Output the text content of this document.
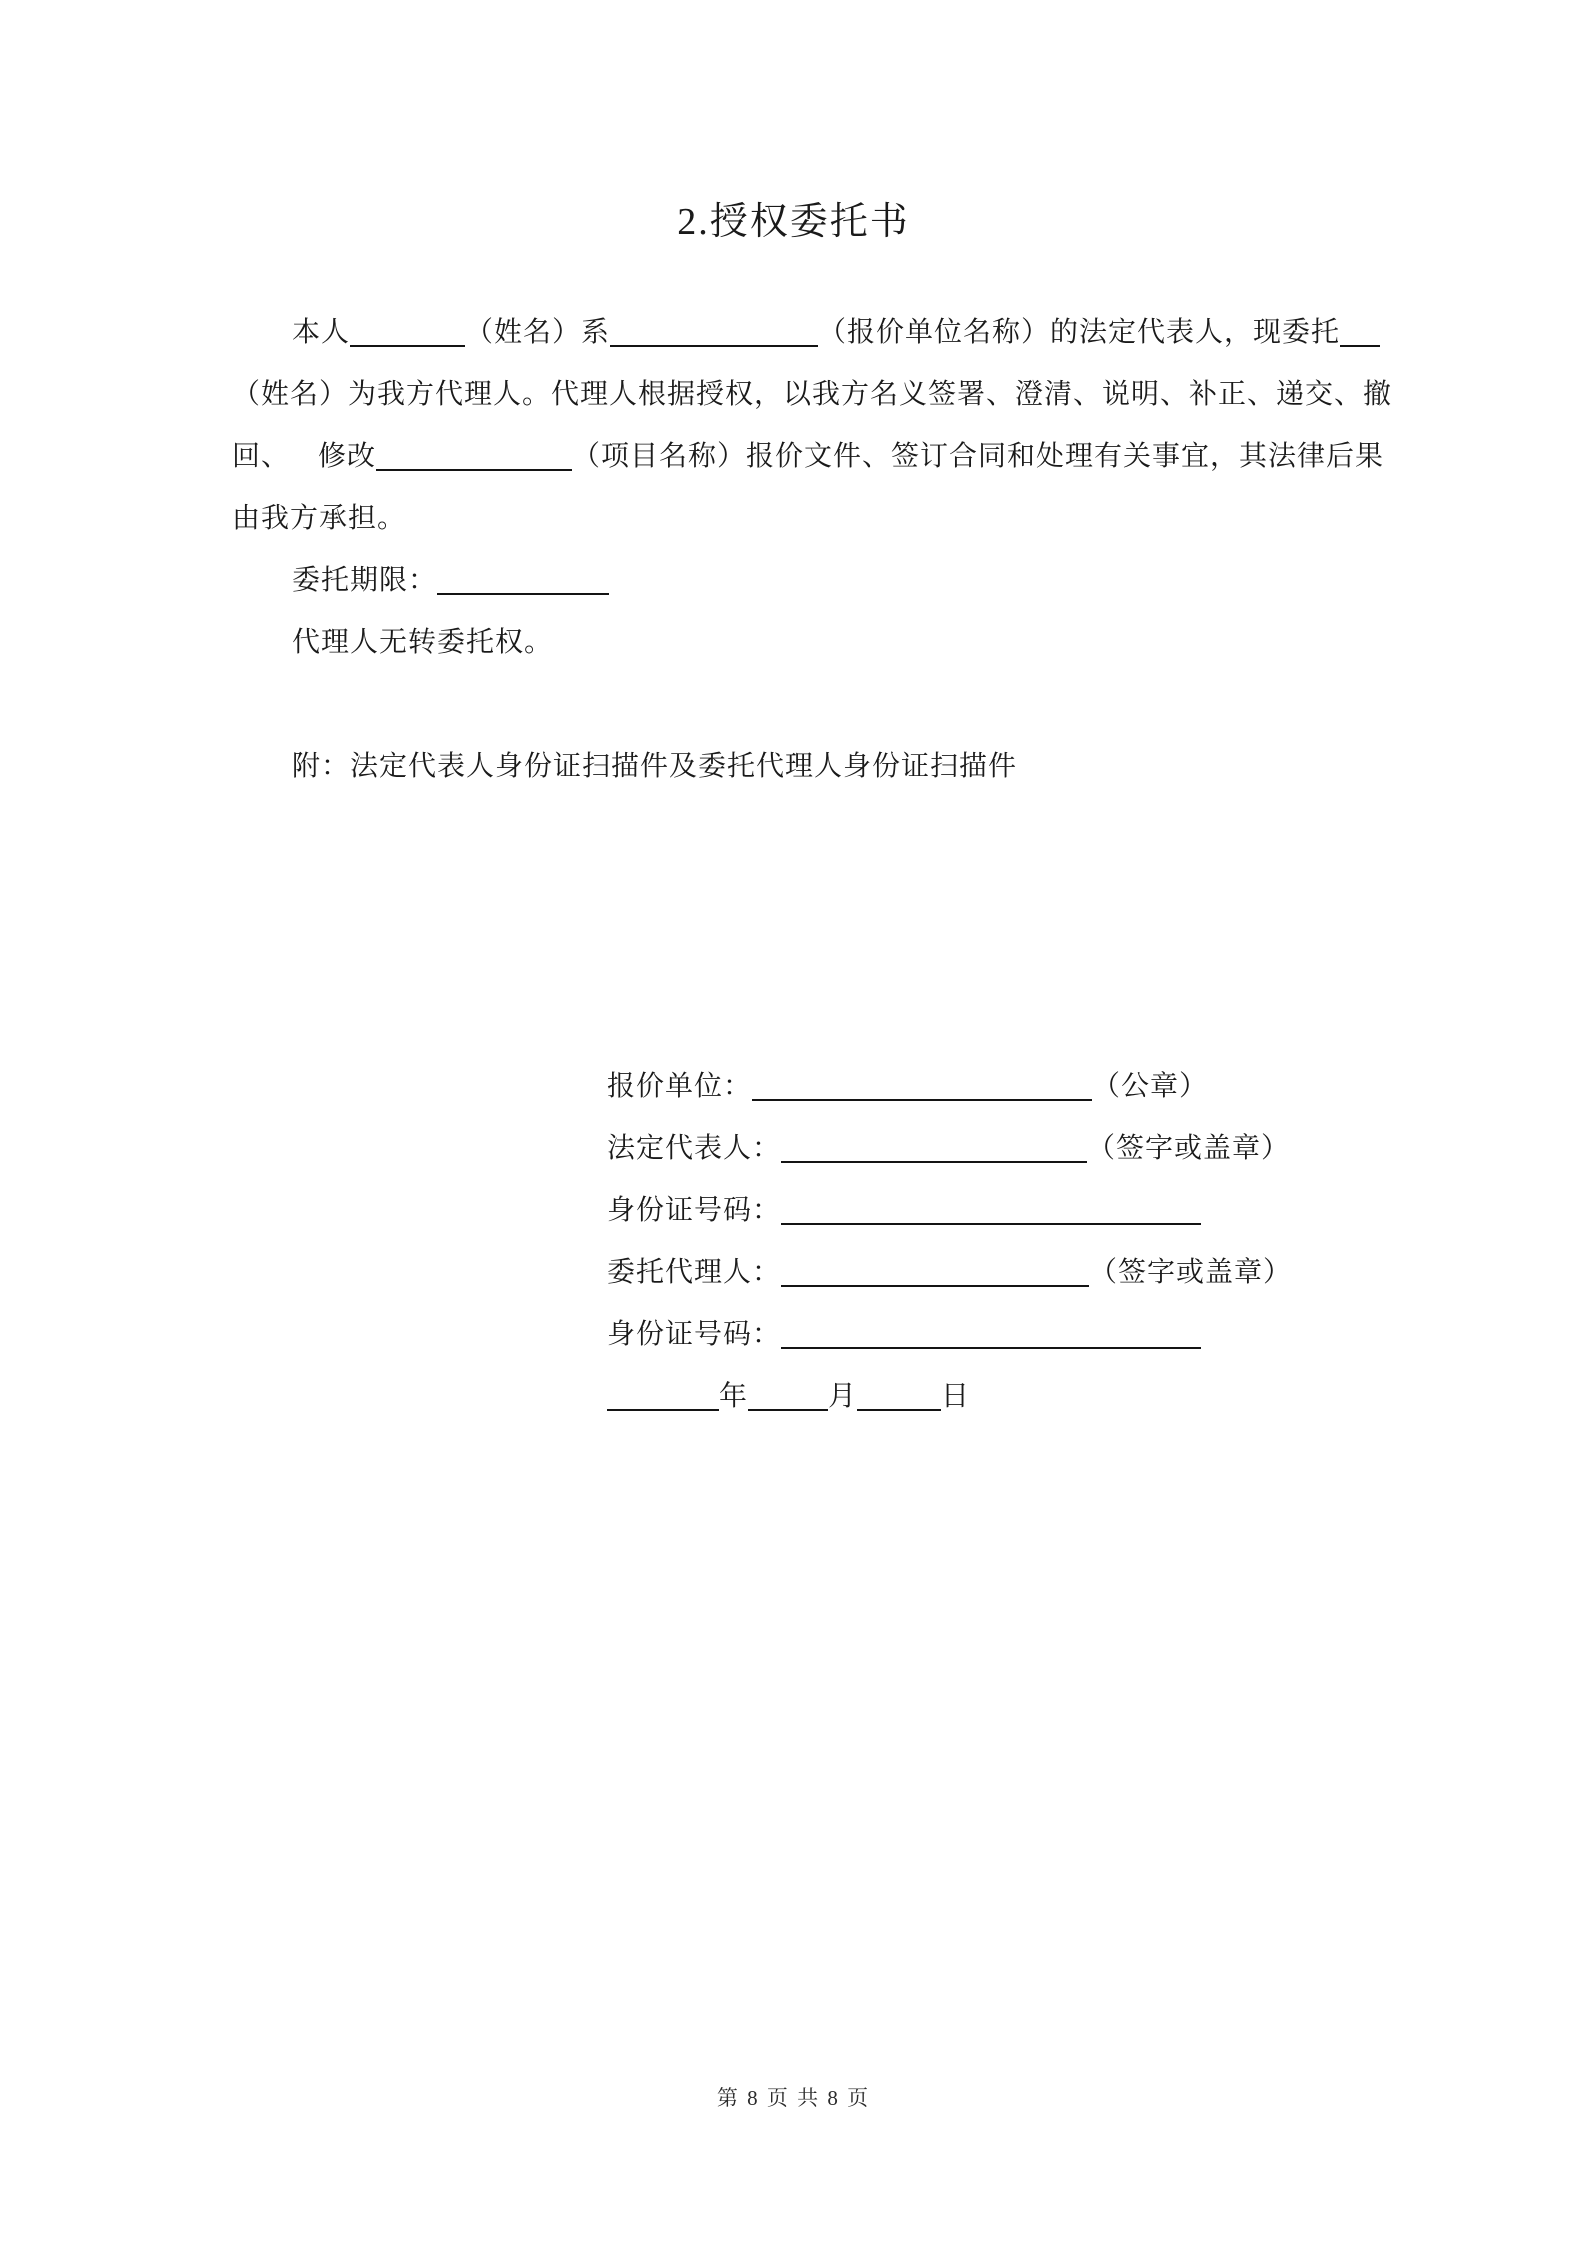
2.授权委托书
本人	（姓名）系	（报价单位名称）的法定代表人，现委托
（姓名）为我方代理人。代理人根据授权，以我方名义签署、澄清、说明、补正、递交、撤
回、 修改	（项目名称）报价文件、签订合同和处理有关事宜，其法律后果
由我方承担。
委托期限：
代理人无转委托权。
附：法定代表人身份证扫描件及委托代理人身份证扫描件
报价单位：	（公章）
法定代表人：	（签字或盖章）
身份证号码：
委托代理人：	（签字或盖章）
身份证号码：
年	月	日
第 8 页 共 8 页
